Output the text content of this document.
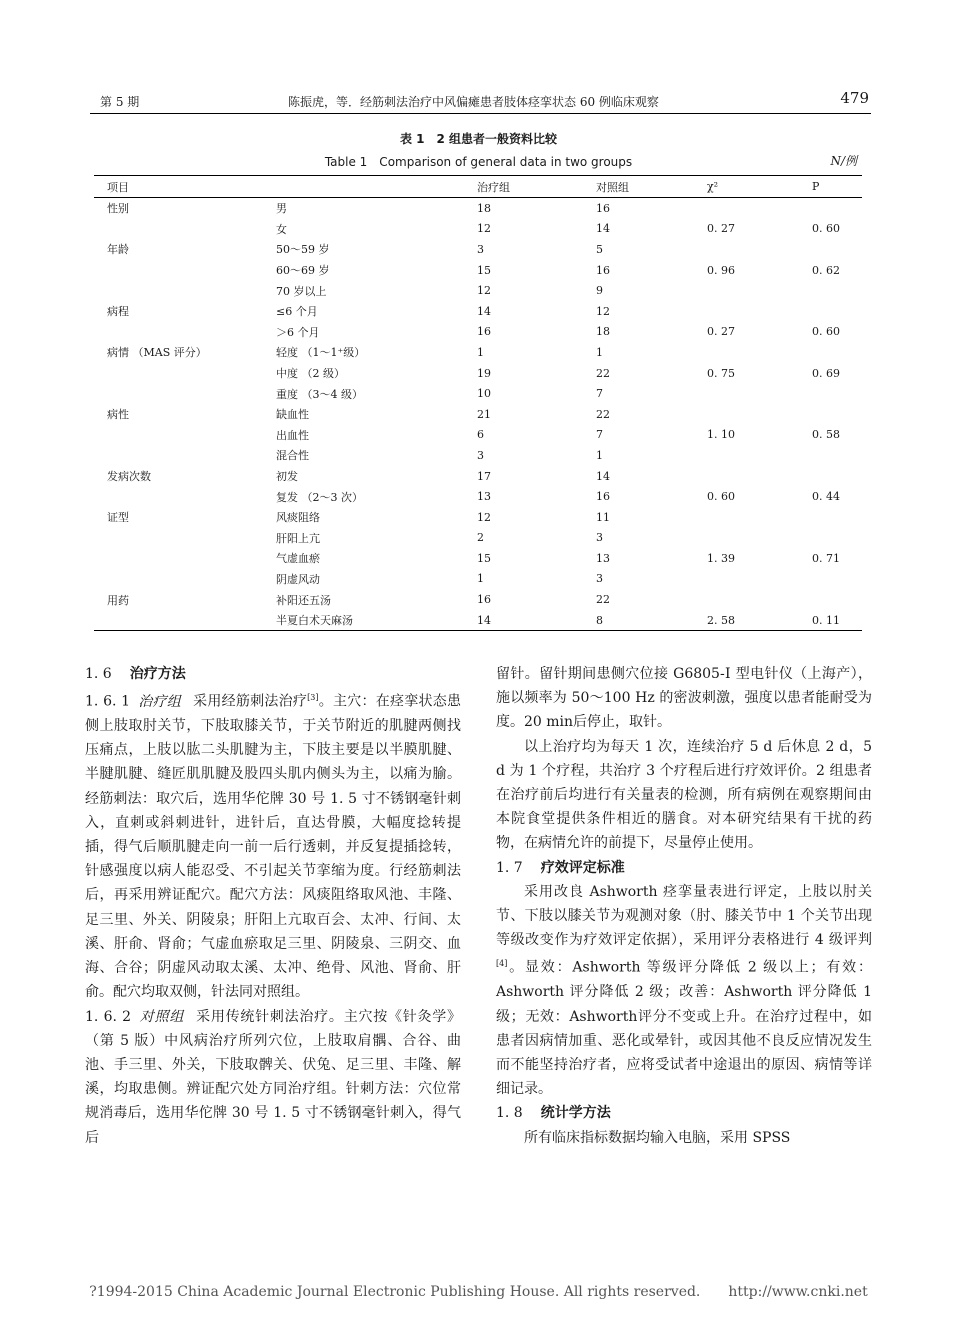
第 5 期	陈振虎，等．经筋刺法治疗中风偏瘫患者肢体痉挛状态 60 例临床观察	479
表 1　2 组患者一般资料比较
Table 1　Comparison of general data in two groups	N/例
项目		治疗组	对照组	χ²	P
性别	男	18	16		
	女	12	14	0. 27	0. 60
年龄	50～59 岁	3	5		
	60～69 岁	15	16	0. 96	0. 62
	70 岁以上	12	9		
病程	≤6 个月	14	12		
	＞6 个月	16	18	0. 27	0. 60
病情 （MAS 评分）	轻度 （1～1⁺级）	1	1		
	中度 （2 级）	19	22	0. 75	0. 69
	重度 （3～4 级）	10	7		
病性	缺血性	21	22		
	出血性	6	7	1. 10	0. 58
	混合性	3	1		
发病次数	初发	17	14		
	复发 （2～3 次）	13	16	0. 60	0. 44
证型	风痰阻络	12	11		
	肝阳上亢	2	3		
	气虚血瘀	15	13	1. 39	0. 71
	阴虚风动	1	3		
用药	补阳还五汤	16	22		
	半夏白术天麻汤	14	8	2. 58	0. 11
1. 6 治疗方法

1. 6. 1 治疗组 采用经筋刺法治疗[3]。主穴：在痉挛状态患侧上肢取肘关节，下肢取膝关节，于关节附近的肌腱两侧找压痛点，上肢以肱二头肌腱为主，下肢主要是以半膜肌腱、半腱肌腱、缝匠肌肌腱及股四头肌内侧头为主，以痛为腧。经筋刺法：取穴后，选用华佗牌 30 号 1. 5 寸不锈钢毫针刺入，直刺或斜刺进针，进针后，直达骨膜，大幅度捻转提插，得气后顺肌腱走向一前一后行透刺，并反复提插捻转，针感强度以病人能忍受、不引起关节挛缩为度。行经筋刺法后，再采用辨证配穴。配穴方法：风痰阻络取风池、丰隆、足三里、外关、阴陵泉；肝阳上亢取百会、太冲、行间、太溪、肝俞、肾俞；气虚血瘀取足三里、阴陵泉、三阴交、血海、合谷；阴虚风动取太溪、太冲、绝骨、风池、肾俞、肝俞。配穴均取双侧，针法同对照组。

1. 6. 2 对照组 采用传统针刺法治疗。主穴按《针灸学》（第 5 版）中风病治疗所列穴位，上肢取肩髃、合谷、曲池、手三里、外关，下肢取髀关、伏兔、足三里、丰隆、解溪，均取患侧。辨证配穴处方同治疗组。针刺方法：穴位常规消毒后，选用华佗牌 30 号 1. 5 寸不锈钢毫针刺入，得气后

留针。留针期间患侧穴位接 G6805-Ⅰ 型电针仪（上海产），施以频率为 50～100 Hz 的密波刺激，强度以患者能耐受为度。20 min后停止，取针。

以上治疗均为每天 1 次，连续治疗 5 d 后休息 2 d，5 d 为 1 个疗程，共治疗 3 个疗程后进行疗效评价。2 组患者在治疗前后均进行有关量表的检测，所有病例在观察期间由本院食堂提供条件相近的膳食。对本研究结果有干扰的药物，在病情允许的前提下，尽量停止使用。

1. 7 疗效评定标准

采用改良 Ashworth 痉挛量表进行评定，上肢以肘关节、下肢以膝关节为观测对象（肘、膝关节中 1 个关节出现等级改变作为疗效评定依据），采用评分表格进行 4 级评判[4]。显效：Ashworth 等级评分降低 2 级以上；有效：Ashworth 评分降低 2 级；改善：Ashworth 评分降低 1 级；无效：Ashworth评分不变或上升。在治疗过程中，如患者因病情加重、恶化或晕针，或因其他不良反应情况发生而不能坚持治疗者，应将受试者中途退出的原因、病情等详细记录。

1. 8 统计学方法

所有临床指标数据均输入电脑，采用 SPSS

?1994-2015 China Academic Journal Electronic Publishing House. All rights reserved.　　http://www.cnki.net
